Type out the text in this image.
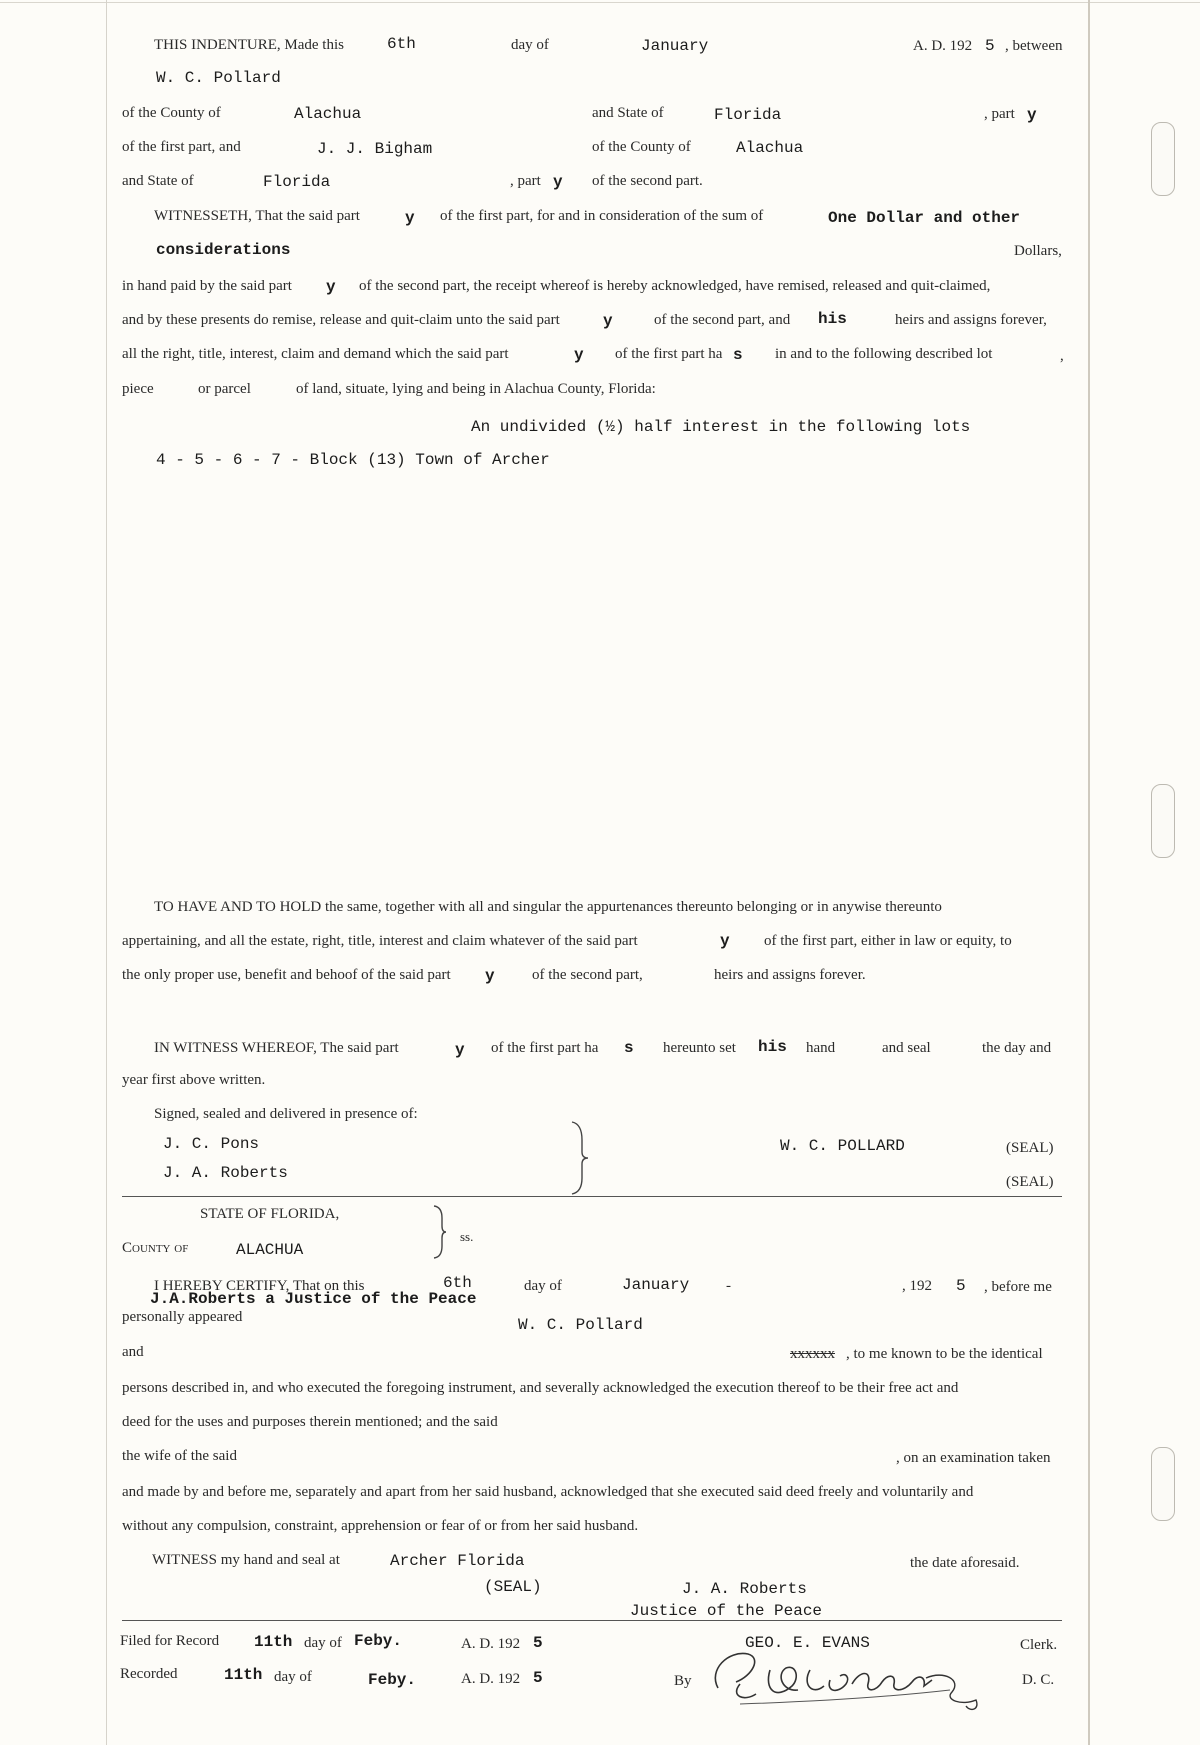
THIS INDENTURE, Made this	6th	day of	January	A. D. 192 5 , between
W. C. Pollard
of the County of	Alachua	and State of	Florida	, part y
of the first part, and	J. J. Bigham	of the County of	Alachua
and State of	Florida	, part y of the second part.
WITNESSETH, That the said part	y of the first part, for and in consideration of the sum of	One Dollar and other
considerations	Dollars,
in hand paid by the said part y of the second part, the receipt whereof is hereby acknowledged, have remised, released and quit-claimed,
and by these presents do remise, release and quit-claim unto the said part	y	of the second part, and his	heirs and assigns forever,
all the right, title, interest, claim and demand which the said part	y of the first part ha s in and to the following described lot	,
piece	or parcel	of land, situate, lying and being in Alachua County, Florida:
An undivided (½) half interest in the following lots
4 - 5 - 6 - 7 - Block (13) Town of Archer
TO HAVE AND TO HOLD the same, together with all and singular the appurtenances thereunto belonging or in anywise thereunto
appertaining, and all the estate, right, title, interest and claim whatever of the said part	y of the first part, either in law or equity, to
the only proper use, benefit and behoof of the said part y of the second part,	heirs and assigns forever.
IN WITNESS WHEREOF, The said part	y of the first part ha s hereunto set his hand	and seal	the day and
year first above written.
Signed, sealed and delivered in presence of:
J. C. Pons
J. A. Roberts
W. C. POLLARD	(SEAL)
(SEAL)
STATE OF FLORIDA,
County of	ALACHUA
ss.
I HEREBY CERTIFY, That on this	6th	day of	January -	, 192 5 , before me
J.A.Roberts a Justice of the Peace
personally appeared	W. C. Pollard
and	xxxxxx , to me known to be the identical
persons described in, and who executed the foregoing instrument, and severally acknowledged the execution thereof to be their free act and
deed for the uses and purposes therein mentioned; and the said
the wife of the said	, on an examination taken
and made by and before me, separately and apart from her said husband, acknowledged that she executed said deed freely and voluntarily and
without any compulsion, constraint, apprehension or fear of or from her said husband.
WITNESS my hand and seal at	Archer Florida	the date aforesaid.
(SEAL)	J. A. Roberts
Justice of the Peace
Filed for Record 11th day of Feby.	A. D. 192 5	GEO. E. EVANS	Clerk.
Recorded	11th day of	Feby.	A. D. 192 5	By	D. C.
